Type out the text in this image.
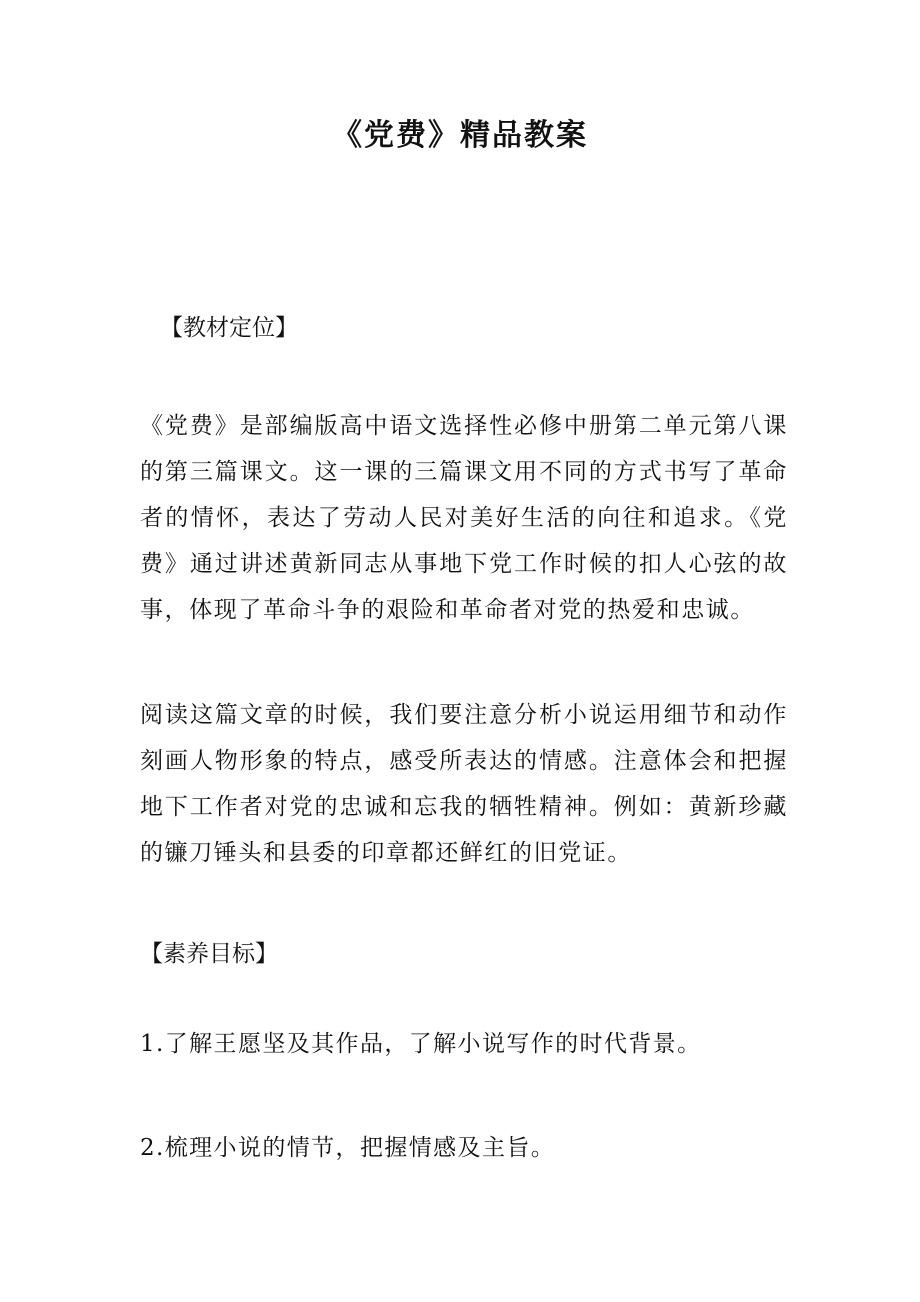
《党费》精品教案

【教材定位】

《党费》是部编版高中语文选择性必修中册第二单元第八课的第三篇课文。这一课的三篇课文用不同的方式书写了革命者的情怀，表达了劳动人民对美好生活的向往和追求。《党费》通过讲述黄新同志从事地下党工作时候的扣人心弦的故事，体现了革命斗争的艰险和革命者对党的热爱和忠诚。

阅读这篇文章的时候，我们要注意分析小说运用细节和动作刻画人物形象的特点，感受所表达的情感。注意体会和把握地下工作者对党的忠诚和忘我的牺牲精神。例如：黄新珍藏的镰刀锤头和县委的印章都还鲜红的旧党证。

【素养目标】

1.了解王愿坚及其作品，了解小说写作的时代背景。

2.梳理小说的情节，把握情感及主旨。
